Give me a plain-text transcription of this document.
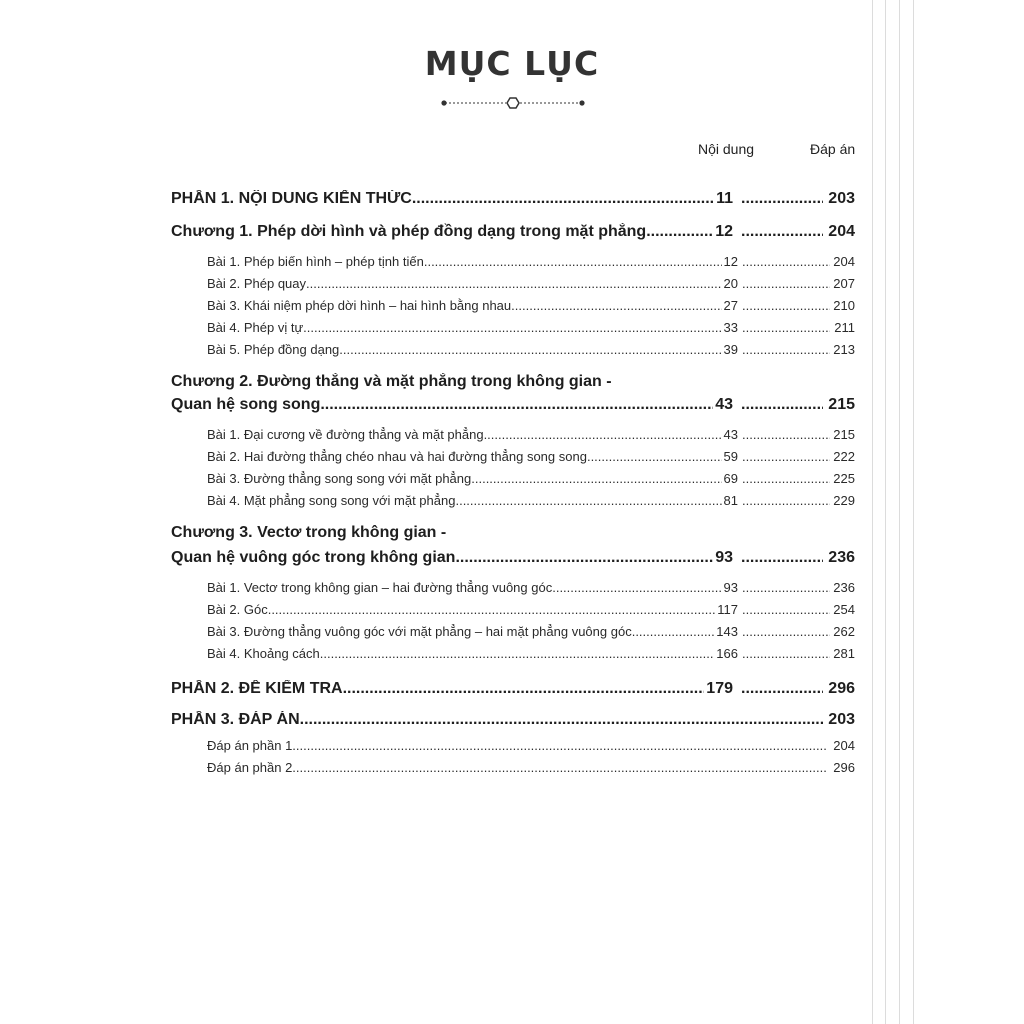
MỤC LỤC
Nội dung	Đáp án
PHẦN 1. NỘI DUNG KIẾN THỨC .....	11 .....	203
Chương 1. Phép dời hình và phép đồng dạng trong mặt phẳng .....	12 .....	204
Bài 1. Phép biến hình – phép tịnh tiến .....	12 .....	204
Bài 2. Phép quay .....	20 .....	207
Bài 3. Khái niệm phép dời hình – hai hình bằng nhau .....	27 .....	210
Bài 4. Phép vị tự .....	33 .....	211
Bài 5. Phép đồng dạng .....	39 .....	213
Chương 2. Đường thẳng và mặt phẳng trong không gian -
Quan hệ song song .....	43 .....	215
Bài 1. Đại cương về đường thẳng và mặt phẳng .....	43 .....	215
Bài 2. Hai đường thẳng chéo nhau và hai đường thẳng song song .....	59 .....	222
Bài 3. Đường thẳng song song với mặt phẳng .....	69 .....	225
Bài 4. Mặt phẳng song song với mặt phẳng .....	81 .....	229
Chương 3. Vectơ trong không gian -
Quan hệ vuông góc trong không gian .....	93 .....	236
Bài 1. Vectơ trong không gian – hai đường thẳng vuông góc .....	93 .....	236
Bài 2. Góc .....	117 .....	254
Bài 3. Đường thẳng vuông góc với mặt phẳng – hai mặt phẳng vuông góc .....	143 .....	262
Bài 4. Khoảng cách .....	166 .....	281
PHẦN 2. ĐỀ KIỂM TRA .....	179 .....	296
PHẦN 3. ĐÁP ÁN .....	203
Đáp án phần 1 .....	204
Đáp án phần 2 .....	296
